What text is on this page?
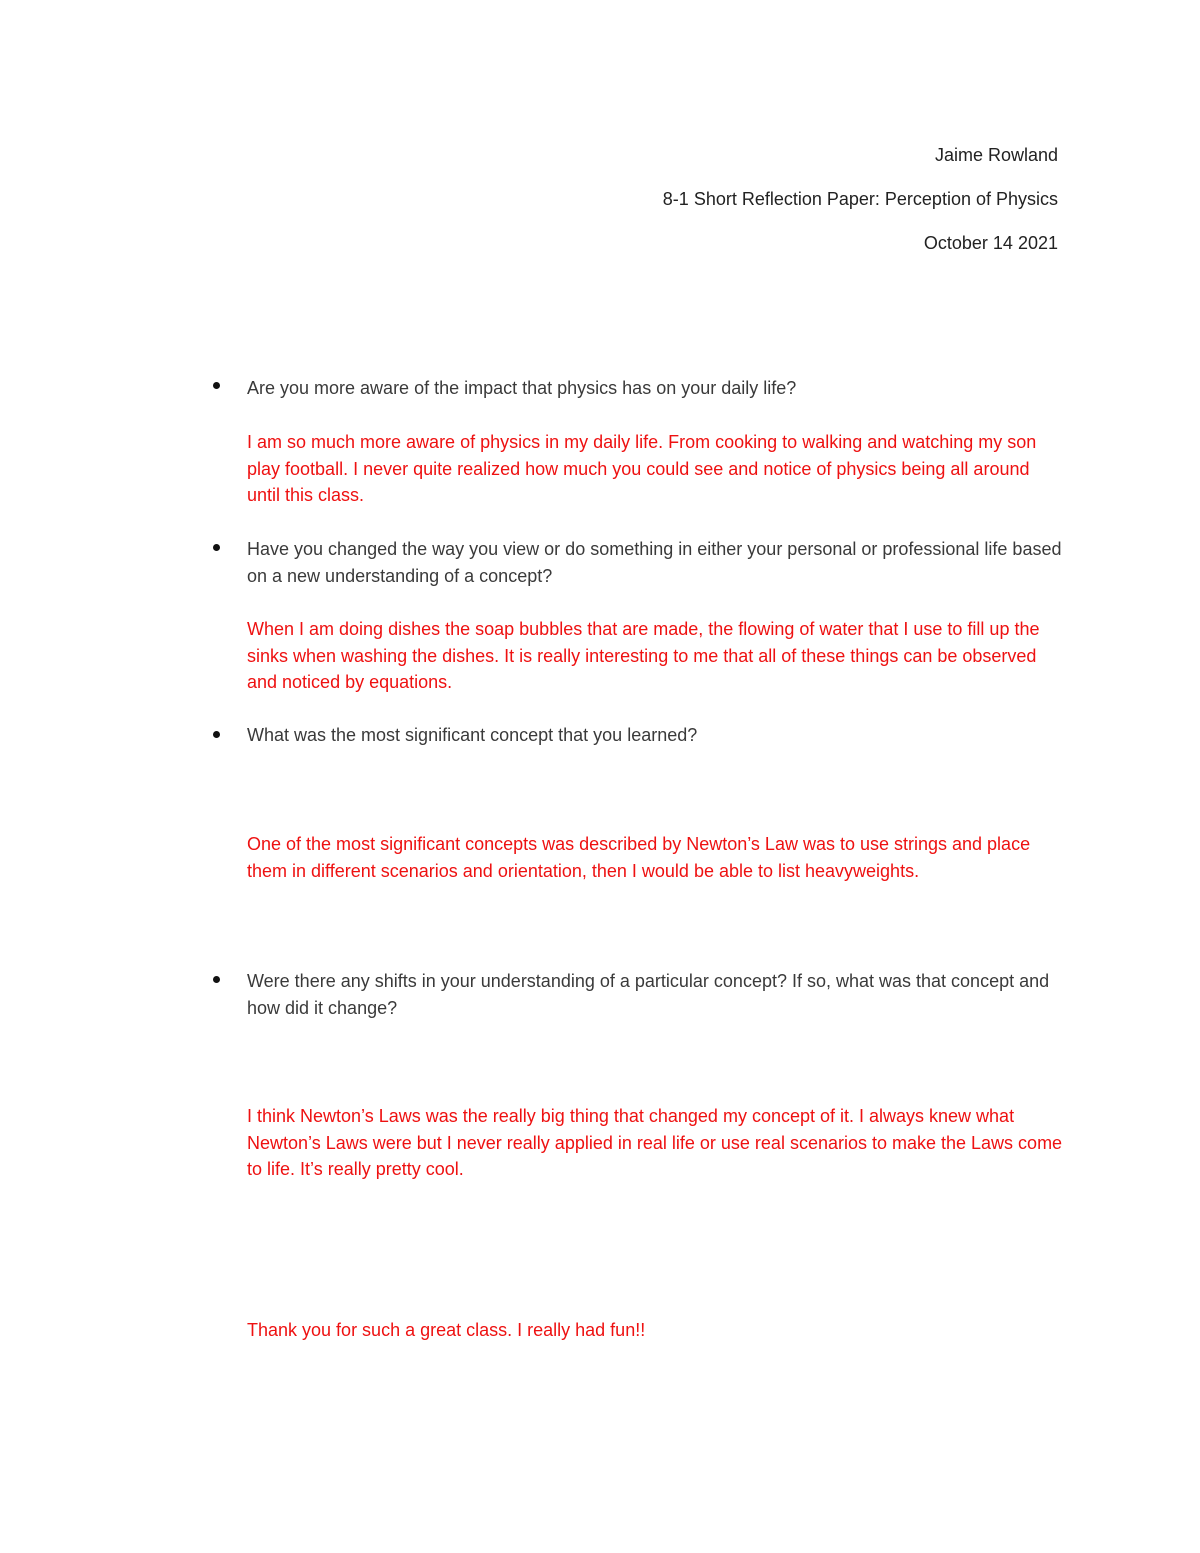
Jaime Rowland
8-1 Short Reflection Paper: Perception of Physics
October 14 2021

Are you more aware of the impact that physics has on your daily life?

I am so much more aware of physics in my daily life. From cooking to walking and watching my son play football. I never quite realized how much you could see and notice of physics being all around until this class.

Have you changed the way you view or do something in either your personal or professional life based on a new understanding of a concept?

When I am doing dishes the soap bubbles that are made, the flowing of water that I use to fill up the sinks when washing the dishes. It is really interesting to me that all of these things can be observed and noticed by equations.

What was the most significant concept that you learned?

One of the most significant concepts was described by Newton’s Law was to use strings and place them in different scenarios and orientation, then I would be able to list heavyweights.

Were there any shifts in your understanding of a particular concept? If so, what was that concept and how did it change?

I think Newton’s Laws was the really big thing that changed my concept of it. I always knew what Newton’s Laws were but I never really applied in real life or use real scenarios to make the Laws come to life. It’s really pretty cool.

Thank you for such a great class. I really had fun!!
